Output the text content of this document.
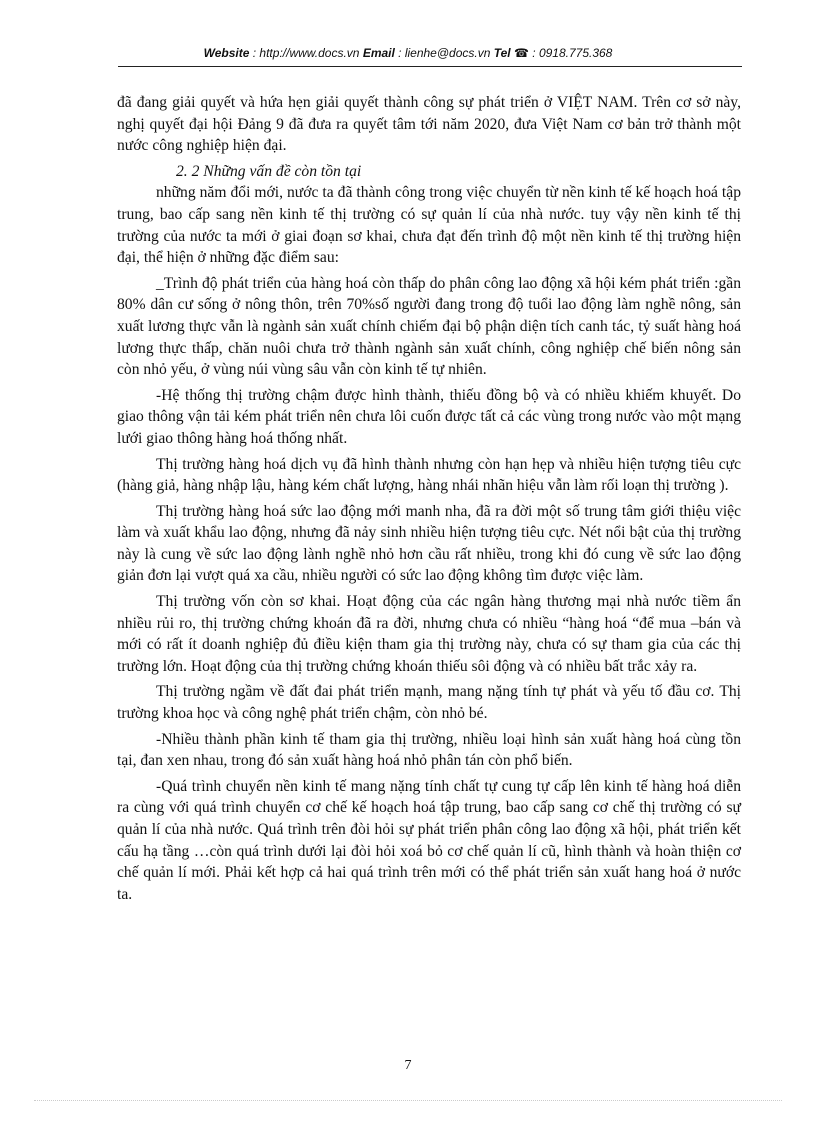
Website : http://www.docs.vn Email : lienhe@docs.vn Tel ☎ : 0918.775.368

đã đang giải quyết và hứa hẹn giải quyết thành công sự phát triển ở VIỆT NAM. Trên cơ sở này, nghị quyết đại hội Đảng 9 đã đưa ra quyết tâm tới năm 2020, đưa Việt Nam cơ bản trở thành một nước công nghiệp hiện đại.

2. 2 Những vấn đề còn tồn tại

những năm đổi mới, nước ta đã thành công trong việc chuyển từ nền kinh tế kế hoạch hoá tập trung, bao cấp sang nền kinh tế thị trường có sự quản lí của nhà nước. tuy vậy nền kinh tế thị trường của nước ta mới ở giai đoạn sơ khai, chưa đạt đến trình độ một nền kinh tế thị trường hiện đại, thể hiện ở những đặc điểm sau:

_Trình độ phát triển của hàng hoá còn thấp do phân công lao động xã hội kém phát triển :gần 80% dân cư sống ở nông thôn, trên 70%số người đang trong độ tuổi lao động làm nghề nông, sản xuất lương thực vẫn là ngành sản xuất chính chiếm đại bộ phận diện tích canh tác, tỷ suất hàng hoá lương thực thấp, chăn nuôi chưa trở thành ngành sản xuất chính, công nghiệp chế biến nông sản còn nhỏ yếu, ở vùng núi vùng sâu vẫn còn kinh tế tự nhiên.

-Hệ thống thị trường chậm được hình thành, thiếu đồng bộ và có nhiều khiếm khuyết. Do giao thông vận tải kém phát triển nên chưa lôi cuốn được tất cả các vùng trong nước vào một mạng lưới giao thông hàng hoá thống nhất.

Thị trường hàng hoá dịch vụ đã hình thành nhưng còn hạn hẹp và nhiều hiện tượng tiêu cực (hàng giả, hàng nhập lậu, hàng kém chất lượng, hàng nhái nhãn hiệu vẫn làm rối loạn thị trường ).

Thị trường hàng hoá sức lao động mới manh nha, đã ra đời một số trung tâm giới thiệu việc làm và xuất khẩu lao động, nhưng đã nảy sinh nhiều hiện tượng tiêu cực. Nét nổi bật của thị trường này là cung về sức lao động lành nghề nhỏ hơn cầu rất nhiều, trong khi đó cung về sức lao động giản đơn lại vượt quá xa cầu, nhiều người có sức lao động không tìm được việc làm.

Thị trường vốn còn sơ khai. Hoạt động của các ngân hàng thương mại nhà nước tiềm ẩn nhiều rủi ro, thị trường chứng khoán đã ra đời, nhưng chưa có nhiều “hàng hoá “để mua –bán và mới có rất ít doanh nghiệp đủ điều kiện tham gia thị trường này, chưa có sự tham gia của các thị trường lớn. Hoạt động của thị trường chứng khoán thiếu sôi động và có nhiều bất trắc xảy ra.

Thị trường ngầm về đất đai phát triển mạnh, mang nặng tính tự phát và yếu tố đầu cơ. Thị trường khoa học và công nghệ phát triển chậm, còn nhỏ bé.

-Nhiều thành phần kinh tế tham gia thị trường, nhiều loại hình sản xuất hàng hoá cùng tồn tại, đan xen nhau, trong đó sản xuất hàng hoá nhỏ phân tán còn phổ biến.

-Quá trình chuyển nền kinh tế mang nặng tính chất tự cung tự cấp lên kinh tế hàng hoá diễn ra cùng với quá trình chuyển cơ chế kế hoạch hoá tập trung, bao cấp sang cơ chế thị trường có sự quản lí của nhà nước. Quá trình trên đòi hỏi sự phát triển phân công lao động xã hội, phát triển kết cấu hạ tầng …còn quá trình dưới lại đòi hỏi xoá bỏ cơ chế quản lí cũ, hình thành và hoàn thiện cơ chế quản lí mới. Phải kết hợp cả hai quá trình trên mới có thể phát triển sản xuất hang hoá ở nước ta.

7
